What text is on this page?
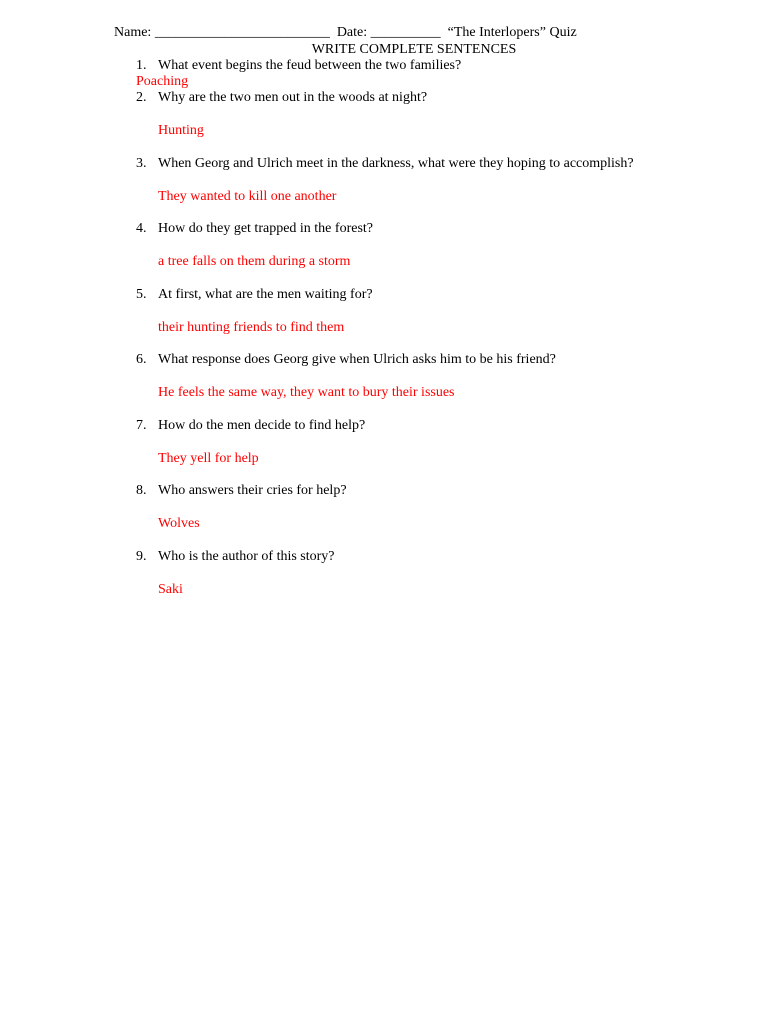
Name: _________________________  Date: __________  “The Interlopers” Quiz
WRITE COMPLETE SENTENCES
1. What event begins the feud between the two families?
Poaching
2. Why are the two men out in the woods at night?
Hunting
3. When Georg and Ulrich meet in the darkness, what were they hoping to accomplish?
They wanted to kill one another
4. How do they get trapped in the forest?
a tree falls on them during a storm
5. At first, what are the men waiting for?
their hunting friends to find them
6. What response does Georg give when Ulrich asks him to be his friend?
He feels the same way, they want to bury their issues
7. How do the men decide to find help?
They yell for help
8. Who answers their cries for help?
Wolves
9. Who is the author of this story?
Saki
